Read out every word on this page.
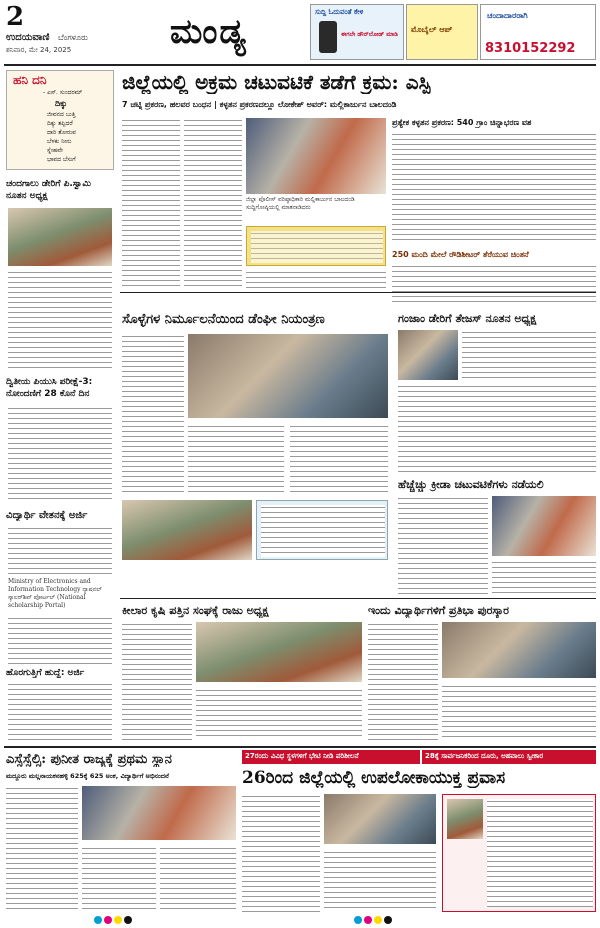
2
ಉದಯವಾಣಿ ಬೆಂಗಳೂರು
ಶನಿವಾರ, ಮೇ 24, 2025	ಮಂಡ್ಯ	ಸುದ್ದಿ ಓದುವಂತೆ ಕೇಳಿ
ಈಗಲೇ ಡೌನ್‌ಲೋಡ್ ಮಾಡಿ
ಮೊಬೈಲ್ ಆಪ್
ಚಂದಾದಾರರಾಗಿ
8310152292
ಹನಿ ದನಿ
- ಎಸ್. ಸುಂದರಮ್
ದಿಕ್ಕು
ಜೀವನದ ಬುತ್ತಿ
ದಿಕ್ಕು ತಪ್ಪಿದರೆ
ದಾರಿ ತೋರುವ
ಬೆಳಕು ನೀನು
ಸ್ನೇಹವೇ
ಭಾವದ ಬೆಸುಗೆ
ಚಂದಗಾಲು ಡೇರಿಗೆ ಪಿ.ಸ್ವಾಮಿ ನೂತನ ಅಧ್ಯಕ್ಷ
ದ್ವಿತೀಯ ಪಿಯುಸಿ ಪರೀಕ್ಷೆ-3: ನೋಂದಣಿಗೆ 28 ಕೊನೆ ದಿನ
ವಿದ್ಯಾರ್ಥಿ ವೇತನಕ್ಕೆ ಅರ್ಜಿ
Ministry of Electronics and Information Technology ನ್ಯಾಷನಲ್ ಸ್ಕಾಲರ್‌ಶಿಪ್ ಪೋರ್ಟಲ್ (National scholarship Portal)
ಹೊರಗುತ್ತಿಗೆ ಹುದ್ದೆ: ಅರ್ಜಿ
ಜಿಲ್ಲೆಯಲ್ಲಿ ಅಕ್ರಮ ಚಟುವಟಿಕೆ ತಡೆಗೆ ಕ್ರಮ: ಎಸ್ಪಿ
7 ಚಟ್ನಿ ಪ್ರಕರಣ, ಹಲವರ ಬಂಧನ | ಕಳ್ಳತನ ಪ್ರಕರಣದಲ್ಲೂ ಲೋಕೇಶ್ ಅವರ್: ಮಲ್ಲಿಕಾರ್ಜುನ ಬಾಲದಂಡಿ
ಜಿಲ್ಲಾ ಪೊಲೀಸ್ ವರಿಷ್ಠಾಧಿಕಾರಿ ಮಲ್ಲಿಕಾರ್ಜುನ ಬಾಲದಂಡಿ ಸುದ್ದಿಗೋಷ್ಠಿಯಲ್ಲಿ ಮಾತನಾಡಿದರು
ಪ್ರತ್ಯೇಕ ಕಳ್ಳತನ ಪ್ರಕರಣ: 540 ಗ್ರಾಂ ಚಿನ್ನಾಭರಣ ವಶ
250 ಮಂದಿ ಮೇಲೆ ರೌಡಿಶೀಟರ್ ತೆರೆಯುವ ಚಿಂತನೆ
ಸೊಳ್ಳೆಗಳ ನಿರ್ಮೂಲನೆಯಿಂದ ಡೆಂಘೀ ನಿಯಂತ್ರಣ	ಗಂಜಾಂ ಡೇರಿಗೆ ತೇಜಸ್ ನೂತನ ಅಧ್ಯಕ್ಷ
ಹೆಚ್ಚೆಚ್ಚು ಕ್ರೀಡಾ ಚಟುವಟಿಕೆಗಳು ನಡೆಯಲಿ
ಕೀಲಾರ ಕೃಷಿ ಪತ್ತಿನ ಸಂಘಕ್ಕೆ ರಾಜು ಅಧ್ಯಕ್ಷ	ಇಂದು ವಿದ್ಯಾರ್ಥಿಗಳಿಗೆ ಪ್ರತಿಭಾ ಪುರಸ್ಕಾರ
ಎಸ್ಸೆಸ್ಸೆಲ್ಸಿ: ಪುನೀತ ರಾಜ್ಯಕ್ಕೆ ಪ್ರಥಮ ಸ್ಥಾನ
ಮದ್ದೂರು ಮಲ್ಲನಾಯಕನಹಳ್ಳಿ 625ಕ್ಕೆ 625 ಅಂಕ, ವಿದ್ಯಾರ್ಥಿಗೆ ಅಭಿನಂದನೆ
27ರಂದು ವಿವಿಧ ಸ್ಥಳಗಳಿಗೆ ಭೇಟಿ ನೀಡಿ ಪರಿಶೀಲನೆ	28ಕ್ಕೆ ಸಾರ್ವಜನಿಕರಿಂದ ದೂರು, ಅಹವಾಲು ಸ್ವೀಕಾರ
26ರಿಂದ ಜಿಲ್ಲೆಯಲ್ಲಿ ಉಪಲೋಕಾಯುಕ್ತ ಪ್ರವಾಸ
